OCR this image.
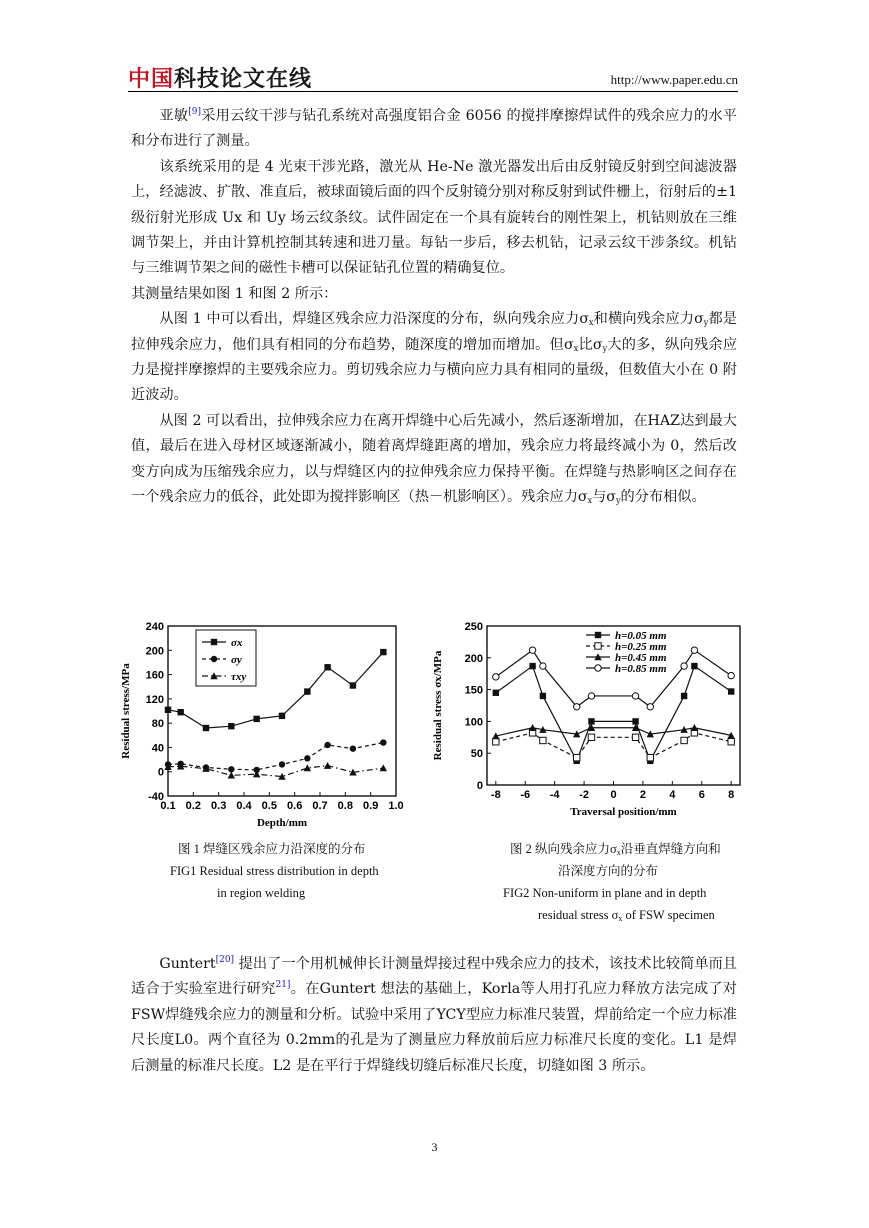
中国科技论文在线	http://www.paper.edu.cn

亚敏[9]采用云纹干涉与钻孔系统对高强度铝合金 6056 的搅拌摩擦焊试件的残余应力的水平和分布进行了测量。

该系统采用的是 4 光束干涉光路，激光从 He-Ne 激光器发出后由反射镜反射到空间滤波器上，经滤波、扩散、准直后，被球面镜后面的四个反射镜分别对称反射到试件栅上，衍射后的±1 级衍射光形成 Ux 和 Uy 场云纹条纹。试件固定在一个具有旋转台的刚性架上，机钻则放在三维调节架上，并由计算机控制其转速和进刀量。每钻一步后，移去机钻，记录云纹干涉条纹。机钻与三维调节架之间的磁性卡槽可以保证钻孔位置的精确复位。

其测量结果如图 1 和图 2 所示：

从图 1 中可以看出，焊缝区残余应力沿深度的分布，纵向残余应力$\sigma_x$和横向残余应力$\sigma_y$都是拉伸残余应力，他们具有相同的分布趋势，随深度的增加而增加。但$\sigma_x$比$\sigma_y$大的多，纵向残余应力是搅拌摩擦焊的主要残余应力。剪切残余应力与横向应力具有相同的量级，但数值大小在 0 附近波动。

从图 2 可以看出，拉伸残余应力在离开焊缝中心后先减小，然后逐渐增加，在HAZ达到最大值，最后在进入母材区域逐渐减小，随着离焊缝距离的增加，残余应力将最终减小为 0，然后改变方向成为压缩残余应力，以与焊缝区内的拉伸残余应力保持平衡。在焊缝与热影响区之间存在一个残余应力的低谷，此处即为搅拌影响区（热－机影响区）。残余应力$\sigma_x$与$\sigma_y$的分布相似。

-40
0
40
80
120
160
200
240
0.1 0.2 0.3 0.4 0.5 0.6 0.7 0.8 0.9 1.0
Depth/mm
Residual stress/MPa
σx
σy
τxy
图 1 焊缝区残余应力沿深度的分布
FIG1 Residual stress distribution in depth
in region welding
0
50
100
150
200
250
-8 -6 -4 -2 0 2 4 6 8
Traversal position/mm
Residual stress σx/MPa
h=0.05 mm
h=0.25 mm
h=0.45 mm
h=0.85 mm
图 2 纵向残余应力$\sigma_x$沿垂直焊缝方向和
沿深度方向的分布
FIG2 Non-uniform in plane and in depth
residual stress $\sigma_x$ of FSW specimen

Guntert[20] 提出了一个用机械伸长计测量焊接过程中残余应力的技术，该技术比较简单而且适合于实验室进行研究$^{21]}$。在Guntert 想法的基础上，Korla等人用打孔应力释放方法完成了对FSW焊缝残余应力的测量和分析。试验中采用了YCY型应力标准尺装置，焊前给定一个应力标准尺长度L0。两个直径为 0.2mm的孔是为了测量应力释放前后应力标准尺长度的变化。L1 是焊后测量的标准尺长度。L2 是在平行于焊缝线切缝后标准尺长度，切缝如图 3 所示。

3
